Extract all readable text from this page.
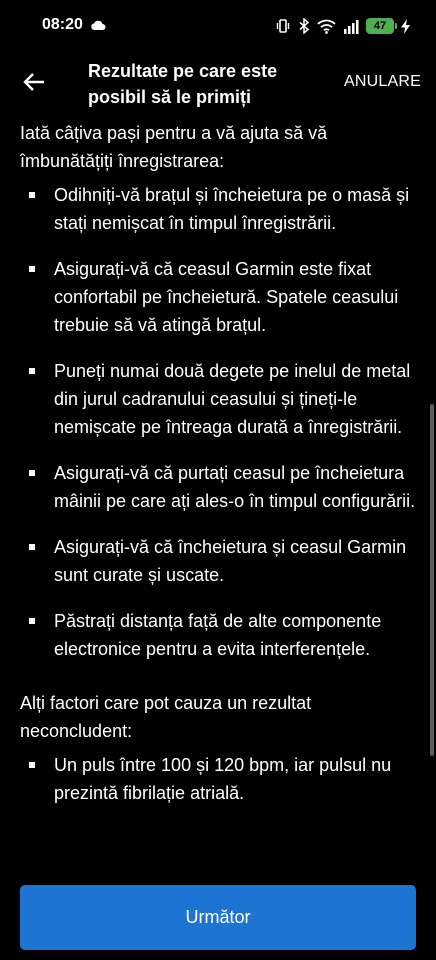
08:20	47
Rezultate pe care este posibil să le primiți
ANULARE

Iată câțiva pași pentru a vă ajuta să vă îmbunătățiți înregistrarea:

Odihniți-vă brațul și încheietura pe o masă și stați nemișcat în timpul înregistrării.
Asigurați-vă că ceasul Garmin este fixat confortabil pe încheietură. Spatele ceasului trebuie să vă atingă brațul.
Puneți numai două degete pe inelul de metal din jurul cadranului ceasului și țineți-le nemișcate pe întreaga durată a înregistrării.
Asigurați-vă că purtați ceasul pe încheietura mâinii pe care ați ales-o în timpul configurării.
Asigurați-vă că încheietura și ceasul Garmin sunt curate și uscate.
Păstrați distanța față de alte componente electronice pentru a evita interferențele.

Alți factori care pot cauza un rezultat neconcludent:

Un puls între 100 și 120 bpm, iar pulsul nu prezintă fibrilație atrială.
Următor
